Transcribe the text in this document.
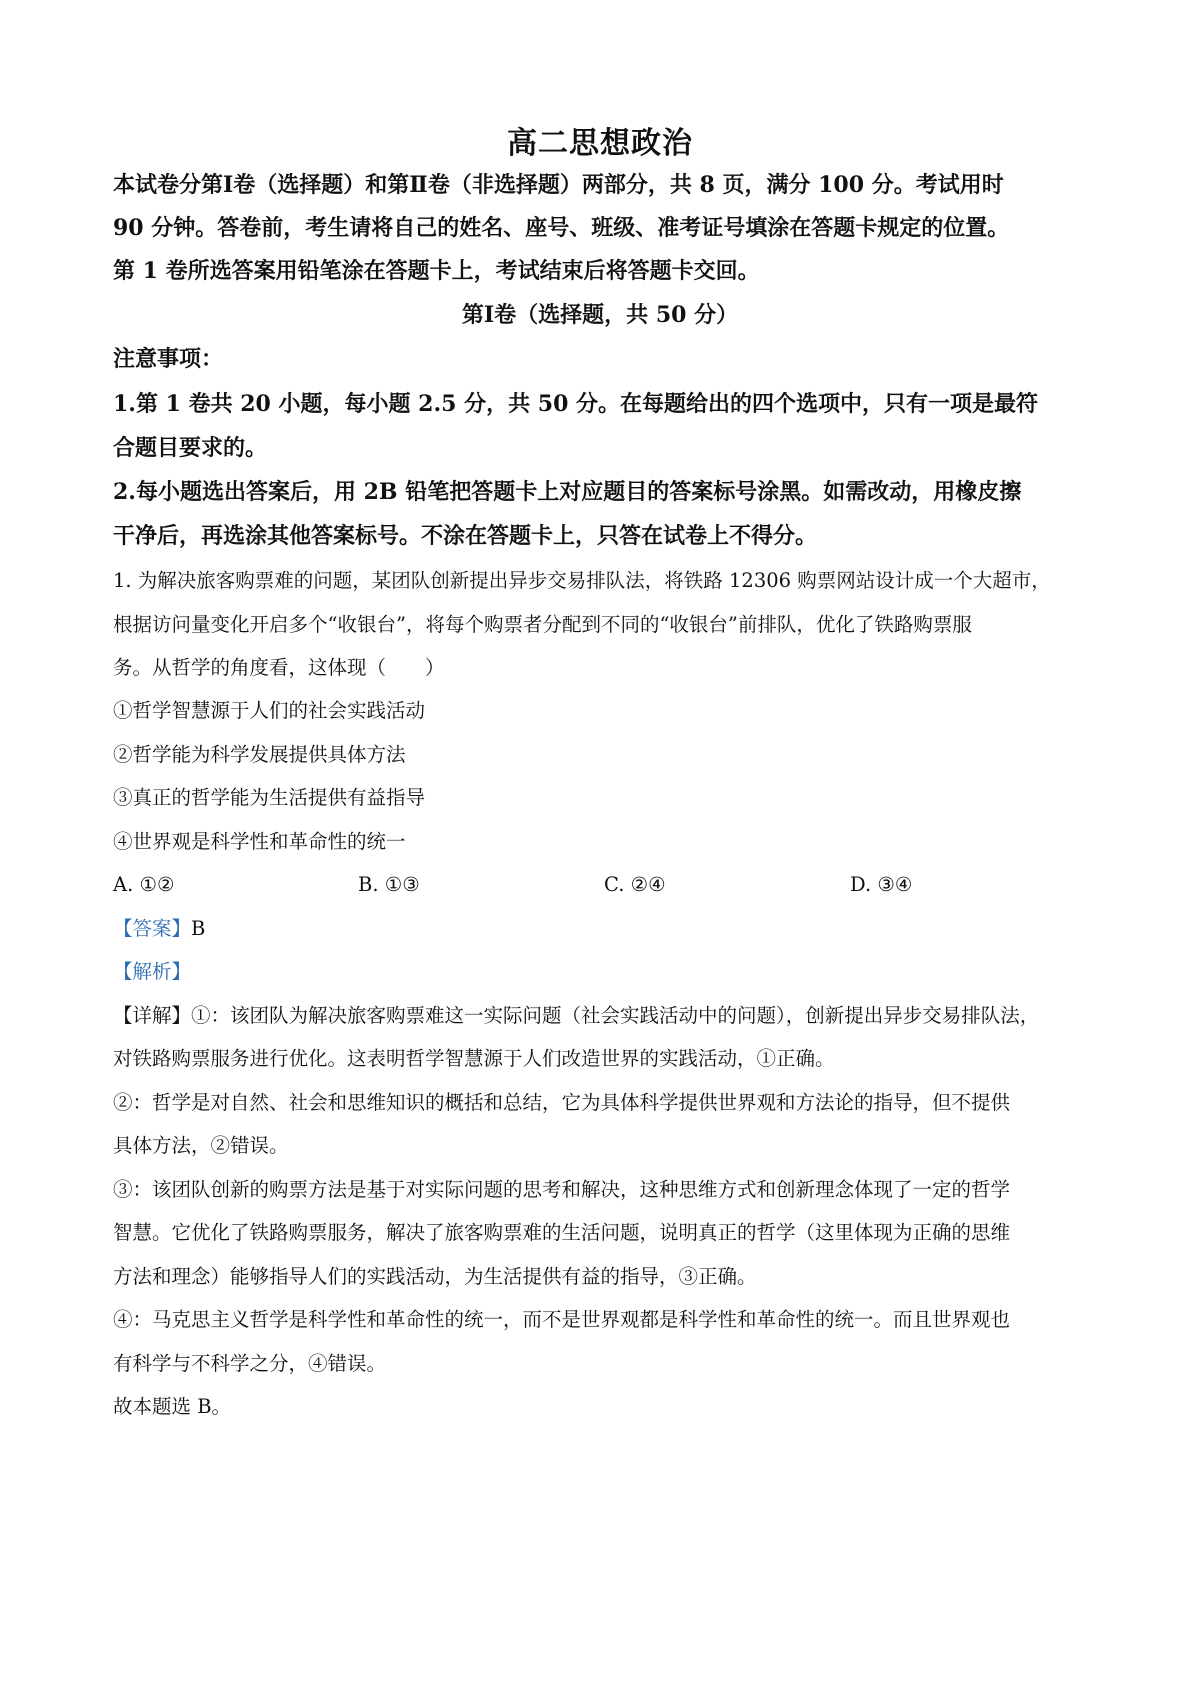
高二思想政治
本试卷分第Ⅰ卷（选择题）和第Ⅱ卷（非选择题）两部分，共 8 页，满分 100 分。考试用时
90 分钟。答卷前，考生请将自己的姓名、座号、班级、准考证号填涂在答题卡规定的位置。
第 1 卷所选答案用铅笔涂在答题卡上，考试结束后将答题卡交回。
第Ⅰ卷（选择题，共 50 分）
注意事项：
1.第 1 卷共 20 小题，每小题 2.5 分，共 50 分。在每题给出的四个选项中，只有一项是最符
合题目要求的。
2.每小题选出答案后，用 2B 铅笔把答题卡上对应题目的答案标号涂黑。如需改动，用橡皮擦
干净后，再选涂其他答案标号。不涂在答题卡上，只答在试卷上不得分。
1. 为解决旅客购票难的问题，某团队创新提出异步交易排队法，将铁路 12306 购票网站设计成一个大超市，
根据访问量变化开启多个“收银台”，将每个购票者分配到不同的“收银台”前排队，优化了铁路购票服
务。从哲学的角度看，这体现（　　）
①哲学智慧源于人们的社会实践活动
②哲学能为科学发展提供具体方法
③真正的哲学能为生活提供有益指导
④世界观是科学性和革命性的统一
A. ①②	B. ①③	C. ②④	D. ③④
【答案】B
【解析】
【详解】①：该团队为解决旅客购票难这一实际问题（社会实践活动中的问题），创新提出异步交易排队法，
对铁路购票服务进行优化。这表明哲学智慧源于人们改造世界的实践活动，①正确。
②：哲学是对自然、社会和思维知识的概括和总结，它为具体科学提供世界观和方法论的指导，但不提供
具体方法，②错误。
③：该团队创新的购票方法是基于对实际问题的思考和解决，这种思维方式和创新理念体现了一定的哲学
智慧。它优化了铁路购票服务，解决了旅客购票难的生活问题，说明真正的哲学（这里体现为正确的思维
方法和理念）能够指导人们的实践活动，为生活提供有益的指导，③正确。
④：马克思主义哲学是科学性和革命性的统一，而不是世界观都是科学性和革命性的统一。而且世界观也
有科学与不科学之分，④错误。
故本题选 B。
